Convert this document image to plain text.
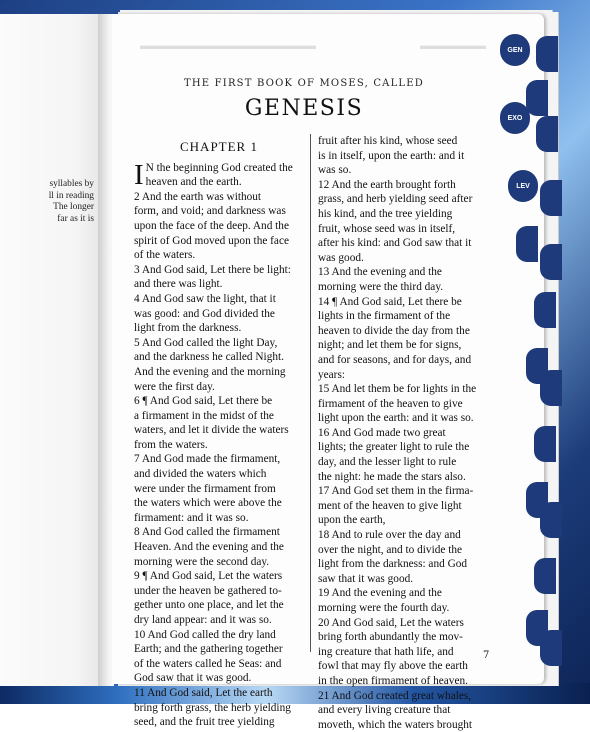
syllables by
ll in reading
The longer
far as it is
▬▬▬▬▬▬▬▬▬▬▬▬▬▬▬▬	▬▬▬▬▬▬	GEN
EXO
LEV
THE FIRST BOOK OF MOSES, CALLED
GENESIS
CHAPTER 1
I N the beginning God created the
heaven and the earth.
2 And the earth was without
form, and void; and darkness was
upon the face of the deep. And the
spirit of God moved upon the face
of the waters.
3 And God said, Let there be light:
and there was light.
4 And God saw the light, that it
was good: and God divided the
light from the darkness.
5 And God called the light Day,
and the darkness he called Night.
And the evening and the morning
were the first day.
6 ¶ And God said, Let there be
a firmament in the midst of the
waters, and let it divide the waters
from the waters.
7 And God made the firmament,
and divided the waters which
were under the firmament from
the waters which were above the
firmament: and it was so.
8 And God called the firmament
Heaven. And the evening and the
morning were the second day.
9 ¶ And God said, Let the waters
under the heaven be gathered to-
gether unto one place, and let the
dry land appear: and it was so.
10 And God called the dry land
Earth; and the gathering together
of the waters called he Seas: and
God saw that it was good.
11 And God said, Let the earth
bring forth grass, the herb yielding
seed, and the fruit tree yielding
fruit after his kind, whose seed
is in itself, upon the earth: and it
was so.
12 And the earth brought forth
grass, and herb yielding seed after
his kind, and the tree yielding
fruit, whose seed was in itself,
after his kind: and God saw that it
was good.
13 And the evening and the
morning were the third day.
14 ¶ And God said, Let there be
lights in the firmament of the
heaven to divide the day from the
night; and let them be for signs,
and for seasons, and for days, and
years:
15 And let them be for lights in the
firmament of the heaven to give
light upon the earth: and it was so.
16 And God made two great
lights; the greater light to rule the
day, and the lesser light to rule
the night: he made the stars also.
17 And God set them in the firma-
ment of the heaven to give light
upon the earth,
18 And to rule over the day and
over the night, and to divide the
light from the darkness: and God
saw that it was good.
19 And the evening and the
morning were the fourth day.
20 And God said, Let the waters
bring forth abundantly the mov-
ing creature that hath life, and
fowl that may fly above the earth
in the open firmament of heaven.
21 And God created great whales,
and every living creature that
moveth, which the waters brought
7
